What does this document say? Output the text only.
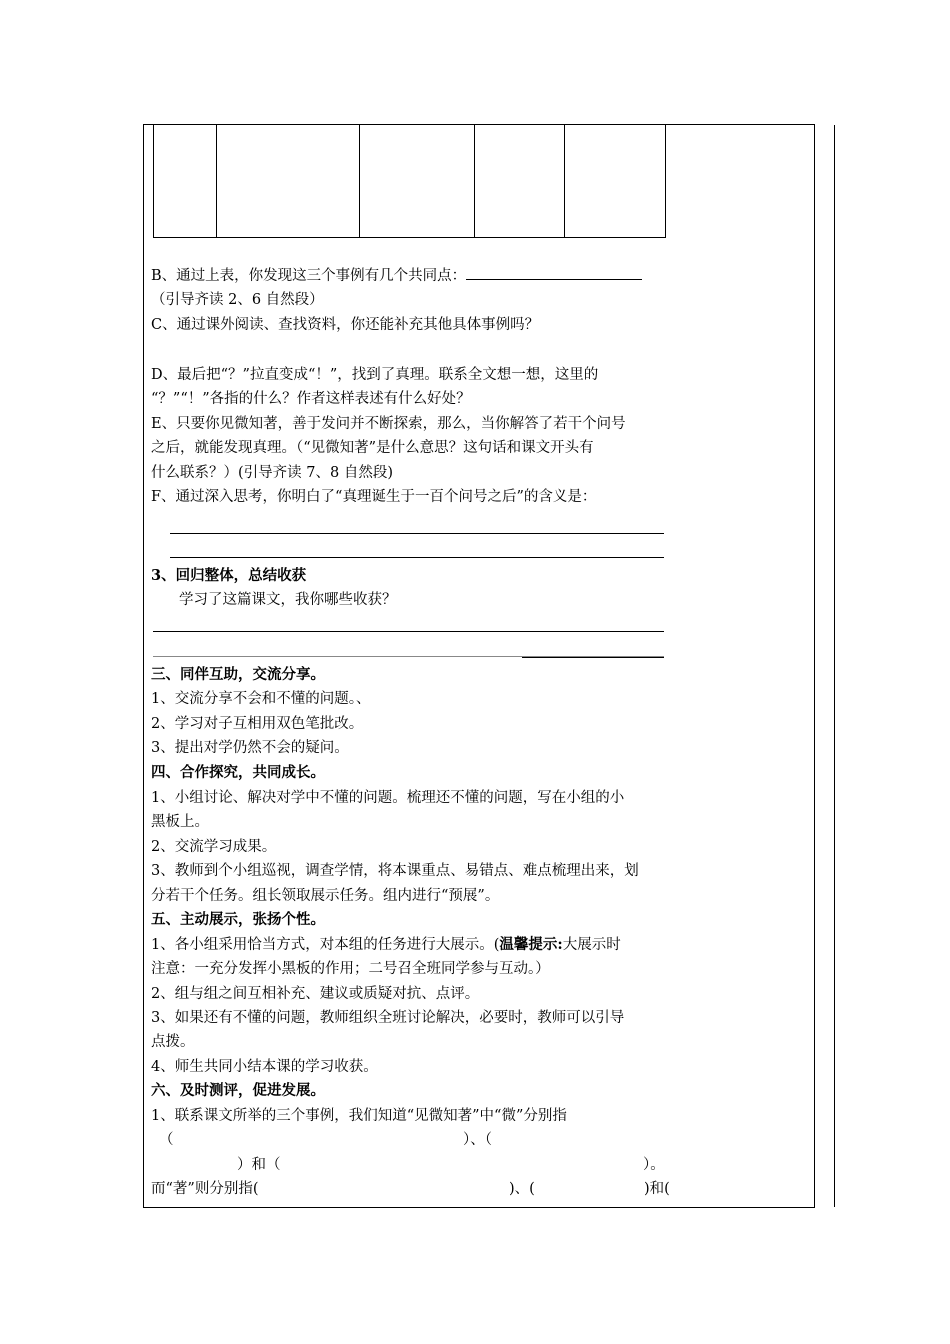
B、通过上表，你发现这三个事例有几个共同点：
（引导齐读 2、6 自然段）
C、通过课外阅读、查找资料，你还能补充其他具体事例吗？
D、最后把“？”拉直变成“！”，找到了真理。联系全文想一想，这里的
“？”“！”各指的什么？作者这样表述有什么好处？
E、只要你见微知著，善于发问并不断探索，那么，当你解答了若干个问号
之后，就能发现真理。（“见微知著”是什么意思？这句话和课文开头有
什么联系？）(引导齐读 7、8 自然段)
F、通过深入思考，你明白了“真理诞生于一百个问号之后”的含义是：
3、回归整体，总结收获
学习了这篇课文，我你哪些收获？
三、同伴互助，交流分享。
1、交流分享不会和不懂的问题。、
2、学习对子互相用双色笔批改。
3、提出对学仍然不会的疑问。
四、合作探究，共同成长。
1、小组讨论、解决对学中不懂的问题。梳理还不懂的问题，写在小组的小
黑板上。
2、交流学习成果。
3、教师到个小组巡视，调查学情，将本课重点、易错点、难点梳理出来，划
分若干个任务。组长领取展示任务。组内进行“预展”。
五、主动展示，张扬个性。
1、各小组采用恰当方式，对本组的任务进行大展示。(温馨提示:大展示时
注意：一充分发挥小黑板的作用；二号召全班同学参与互动。）
2、组与组之间互相补充、建议或质疑对抗、点评。
3、如果还有不懂的问题，教师组织全班讨论解决，必要时，教师可以引导
点拨。
4、师生共同小结本课的学习收获。
六、及时测评，促进发展。
1、联系课文所举的三个事例，我们知道“见微知著”中“微”分别指
（	）、（
）和（	）。
而“著”则分别指(	)、(	)和(
